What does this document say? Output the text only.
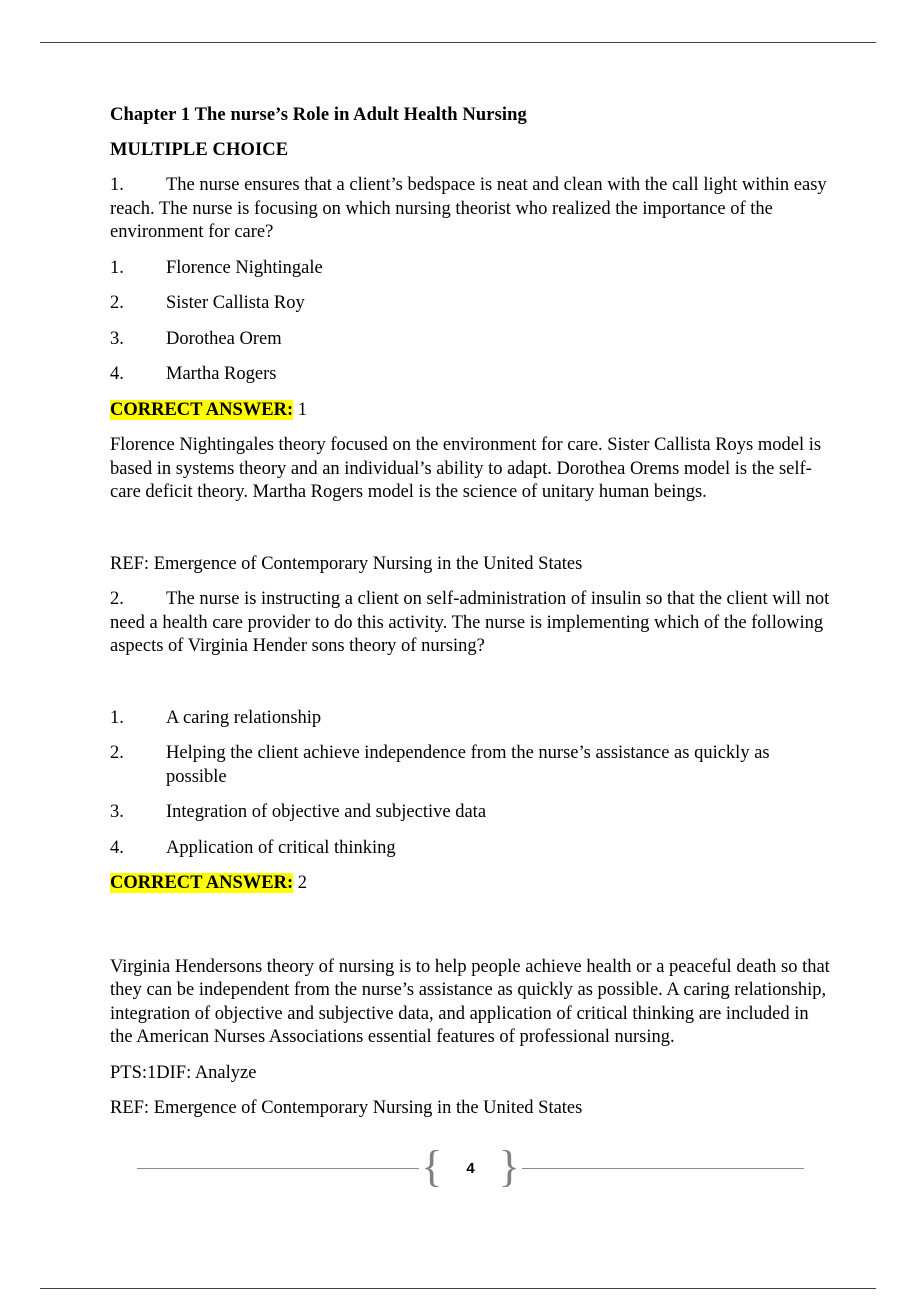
Chapter 1 The nurse’s Role in Adult Health Nursing
MULTIPLE CHOICE

1. The nurse ensures that a client’s bedspace is neat and clean with the call light within easy reach. The nurse is focusing on which nursing theorist who realized the importance of the environment for care?

1. Florence Nightingale

2. Sister Callista Roy

3. Dorothea Orem

4. Martha Rogers

CORRECT ANSWER: 1

Florence Nightingales theory focused on the environment for care. Sister Callista Roys model is based in systems theory and an individual’s ability to adapt. Dorothea Orems model is the self-care deficit theory. Martha Rogers model is the science of unitary human beings.

REF: Emergence of Contemporary Nursing in the United States

2. The nurse is instructing a client on self-administration of insulin so that the client will not need a health care provider to do this activity. The nurse is implementing which of the following aspects of Virginia Hender sons theory of nursing?

1. A caring relationship

2. Helping the client achieve independence from the nurse’s assistance as quickly as possible

3. Integration of objective and subjective data

4. Application of critical thinking

CORRECT ANSWER: 2

Virginia Hendersons theory of nursing is to help people achieve health or a peaceful death so that they can be independent from the nurse’s assistance as quickly as possible. A caring relationship, integration of objective and subjective data, and application of critical thinking are included in the American Nurses Associations essential features of professional nursing.

PTS:1DIF: Analyze

REF: Emergence of Contemporary Nursing in the United States

{	4 }
